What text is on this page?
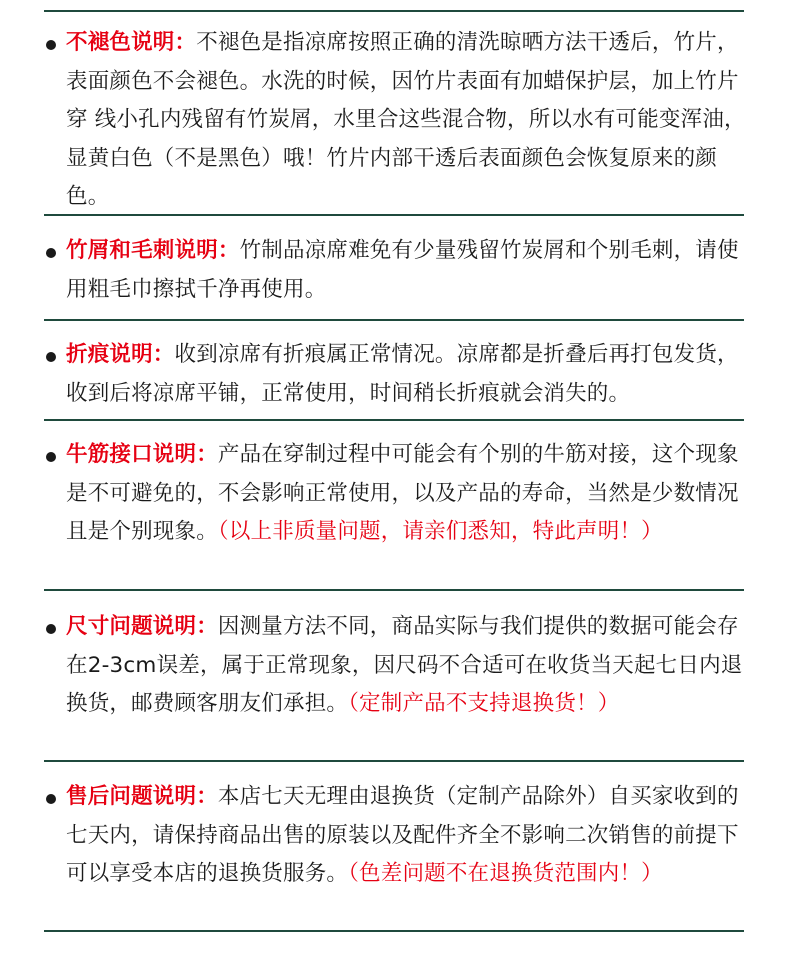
不褪色说明：不褪色是指凉席按照正确的清洗晾晒方法干透后，竹片，表面颜色不会褪色。水洗的时候，因竹片表面有加蜡保护层，加上竹片穿 线小孔内残留有竹炭屑，水里合这些混合物，所以水有可能变浑油，显黄白色（不是黑色）哦！竹片内部干透后表面颜色会恢复原来的颜色。

竹屑和毛刺说明：竹制品凉席难免有少量残留竹炭屑和个别毛刺，请使用粗毛巾擦拭千净再使用。

折痕说明：收到凉席有折痕属正常情况。凉席都是折叠后再打包发货，收到后将凉席平铺，正常使用，时间稍长折痕就会消失的。

牛筋接口说明：产品在穿制过程中可能会有个别的牛筋对接，这个现象是不可避免的，不会影响正常使用，以及产品的寿命，当然是少数情况且是个别现象。（以上非质量问题，请亲们悉知，特此声明！）

尺寸问题说明：因测量方法不同，商品实际与我们提供的数据可能会存在2-3cm误差，属于正常现象，因尺码不合适可在收货当天起七日内退换货，邮费顾客朋友们承担。（定制产品不支持退换货！）

售后问题说明：本店七天无理由退换货（定制产品除外）自买家收到的七天内，请保持商品出售的原装以及配件齐全不影响二次销售的前提下可以享受本店的退换货服务。（色差问题不在退换货范围内！）
